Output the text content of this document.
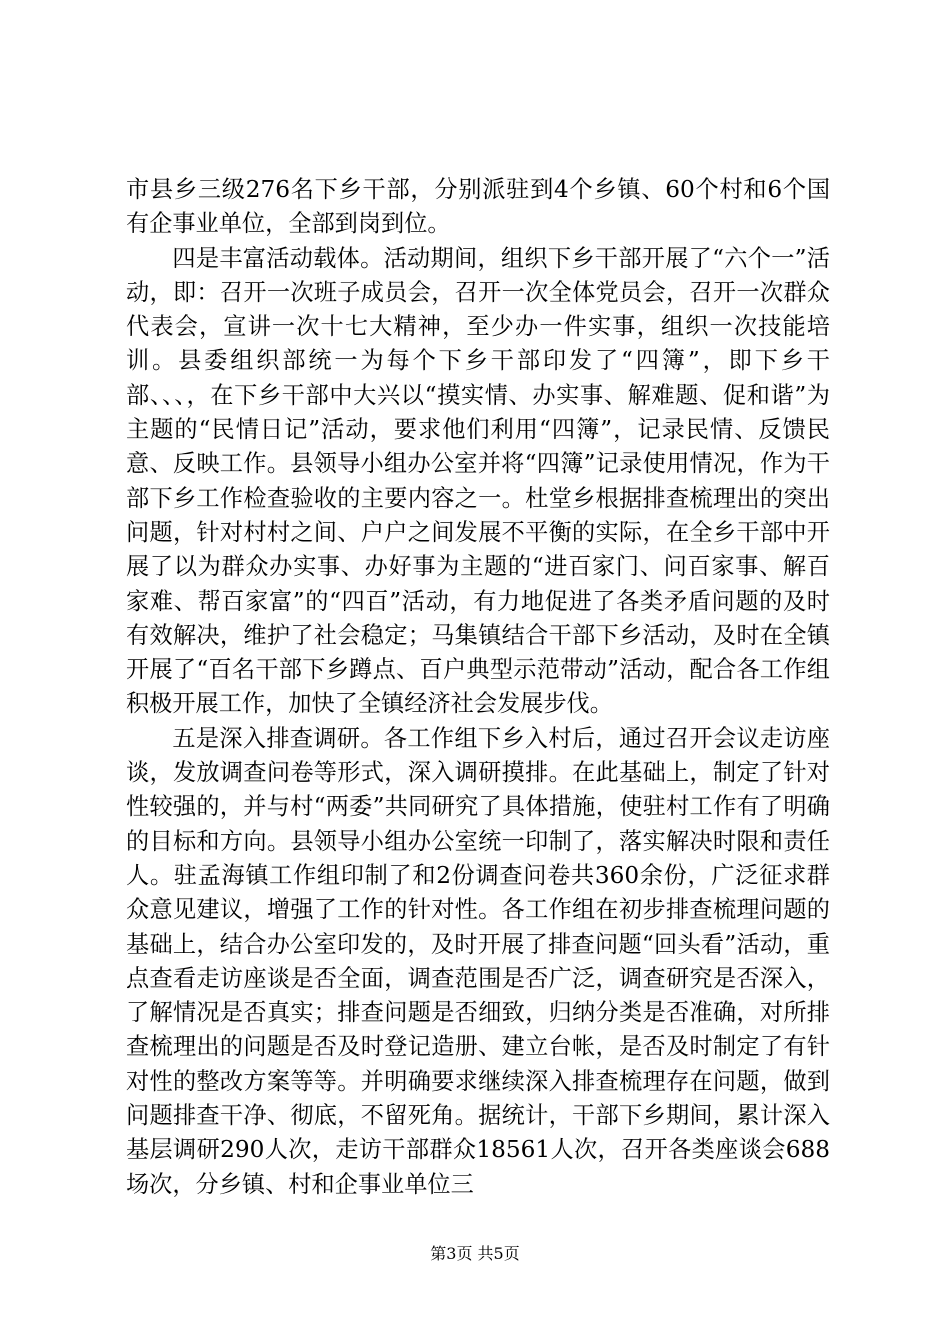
市县乡三级276名下乡干部，分别派驻到4个乡镇、60个村和6个国有企事业单位，全部到岗到位。

四是丰富活动载体。活动期间，组织下乡干部开展了“六个一”活动，即：召开一次班子成员会，召开一次全体党员会，召开一次群众代表会，宣讲一次十七大精神，至少办一件实事，组织一次技能培训。县委组织部统一为每个下乡干部印发了“四簿”，即下乡干部、、、，在下乡干部中大兴以“摸实情、办实事、解难题、促和谐”为主题的“民情日记”活动，要求他们利用“四簿”，记录民情、反馈民意、反映工作。县领导小组办公室并将“四簿”记录使用情况，作为干部下乡工作检查验收的主要内容之一。杜堂乡根据排查梳理出的突出问题，针对村村之间、户户之间发展不平衡的实际，在全乡干部中开展了以为群众办实事、办好事为主题的“进百家门、问百家事、解百家难、帮百家富”的“四百”活动，有力地促进了各类矛盾问题的及时有效解决，维护了社会稳定；马集镇结合干部下乡活动，及时在全镇开展了“百名干部下乡蹲点、百户典型示范带动”活动，配合各工作组积极开展工作，加快了全镇经济社会发展步伐。

五是深入排查调研。各工作组下乡入村后，通过召开会议走访座谈，发放调查问卷等形式，深入调研摸排。在此基础上，制定了针对性较强的，并与村“两委”共同研究了具体措施，使驻村工作有了明确的目标和方向。县领导小组办公室统一印制了，落实解决时限和责任人。驻孟海镇工作组印制了和2份调查问卷共360余份，广泛征求群众意见建议，增强了工作的针对性。各工作组在初步排查梳理问题的基础上，结合办公室印发的，及时开展了排查问题“回头看”活动，重点查看走访座谈是否全面，调查范围是否广泛，调查研究是否深入，了解情况是否真实；排查问题是否细致，归纳分类是否准确，对所排查梳理出的问题是否及时登记造册、建立台帐，是否及时制定了有针对性的整改方案等等。并明确要求继续深入排查梳理存在问题，做到问题排查干净、彻底，不留死角。据统计，干部下乡期间，累计深入基层调研290人次，走访干部群众18561人次，召开各类座谈会688场次，分乡镇、村和企事业单位三

第3页 共5页
